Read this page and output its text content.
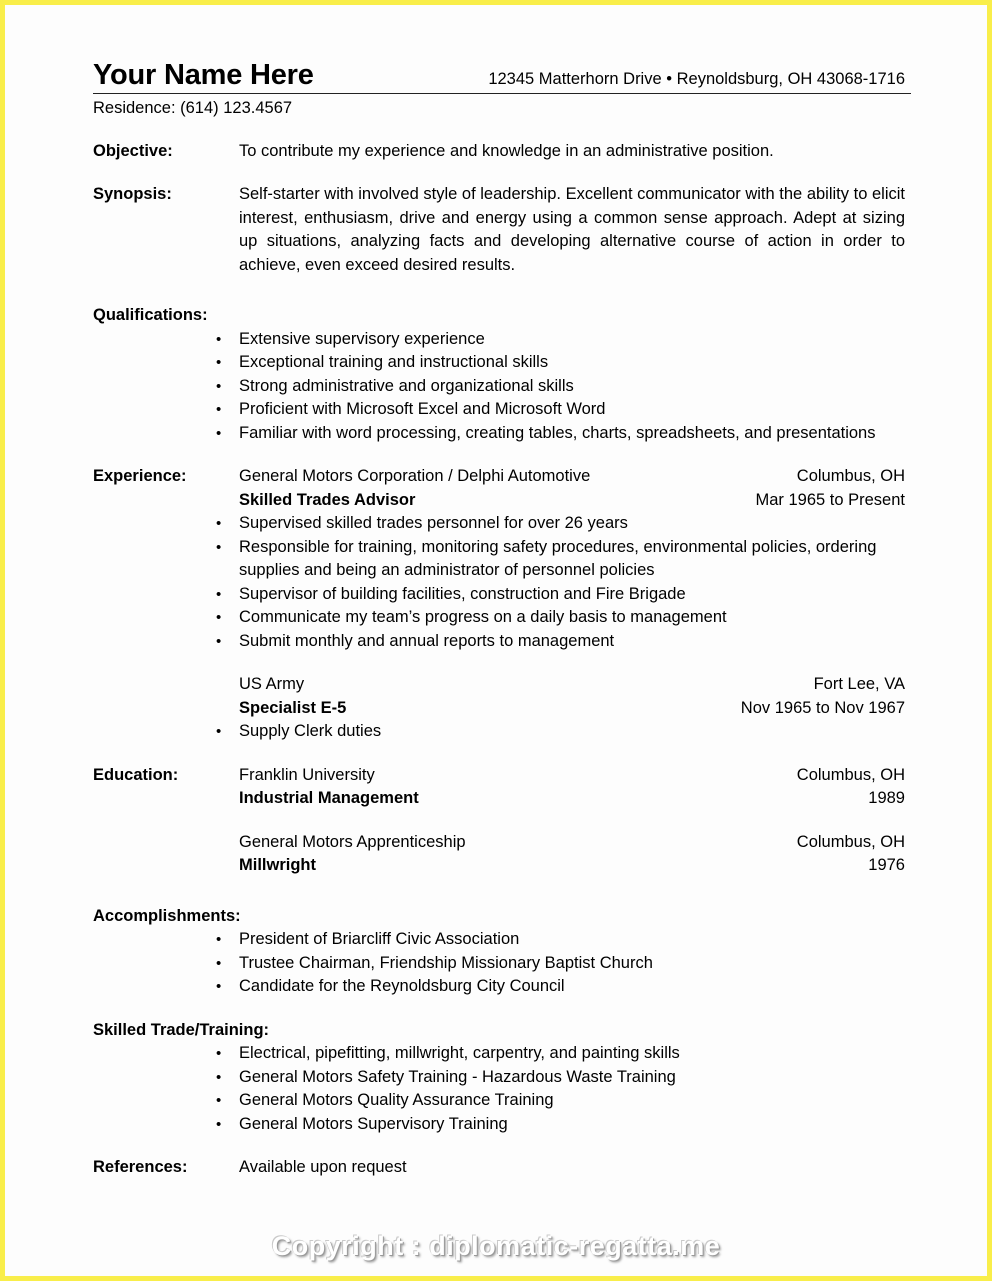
Your Name Here	12345 Matterhorn Drive • Reynoldsburg, OH 43068-1716
Residence: (614) 123.4567
Objective:	To contribute my experience and knowledge in an administrative position.
Synopsis:	Self-starter with involved style of leadership. Excellent communicator with the ability to elicit interest, enthusiasm, drive and energy using a common sense approach. Adept at sizing up situations, analyzing facts and developing alternative course of action in order to achieve, even exceed desired results.
Qualifications:
• Extensive supervisory experience
• Exceptional training and instructional skills
• Strong administrative and organizational skills
• Proficient with Microsoft Excel and Microsoft Word
• Familiar with word processing, creating tables, charts, spreadsheets, and presentations
Experience:	General Motors Corporation / Delphi Automotive	Columbus, OH
Skilled Trades Advisor	Mar 1965 to Present
• Supervised skilled trades personnel for over 26 years
• Responsible for training, monitoring safety procedures, environmental policies, ordering supplies and being an administrator of personnel policies
• Supervisor of building facilities, construction and Fire Brigade
• Communicate my team’s progress on a daily basis to management
• Submit monthly and annual reports to management
US Army	Fort Lee, VA
Specialist E-5	Nov 1965 to Nov 1967
• Supply Clerk duties
Education:	Franklin University	Columbus, OH
Industrial Management	1989
General Motors Apprenticeship	Columbus, OH
Millwright	1976
Accomplishments:
• President of Briarcliff Civic Association
• Trustee Chairman, Friendship Missionary Baptist Church
• Candidate for the Reynoldsburg City Council
Skilled Trade/Training:
• Electrical, pipefitting, millwright, carpentry, and painting skills
• General Motors Safety Training - Hazardous Waste Training
• General Motors Quality Assurance Training
• General Motors Supervisory Training
References:	Available upon request
Copyright : diplomatic-regatta.me
